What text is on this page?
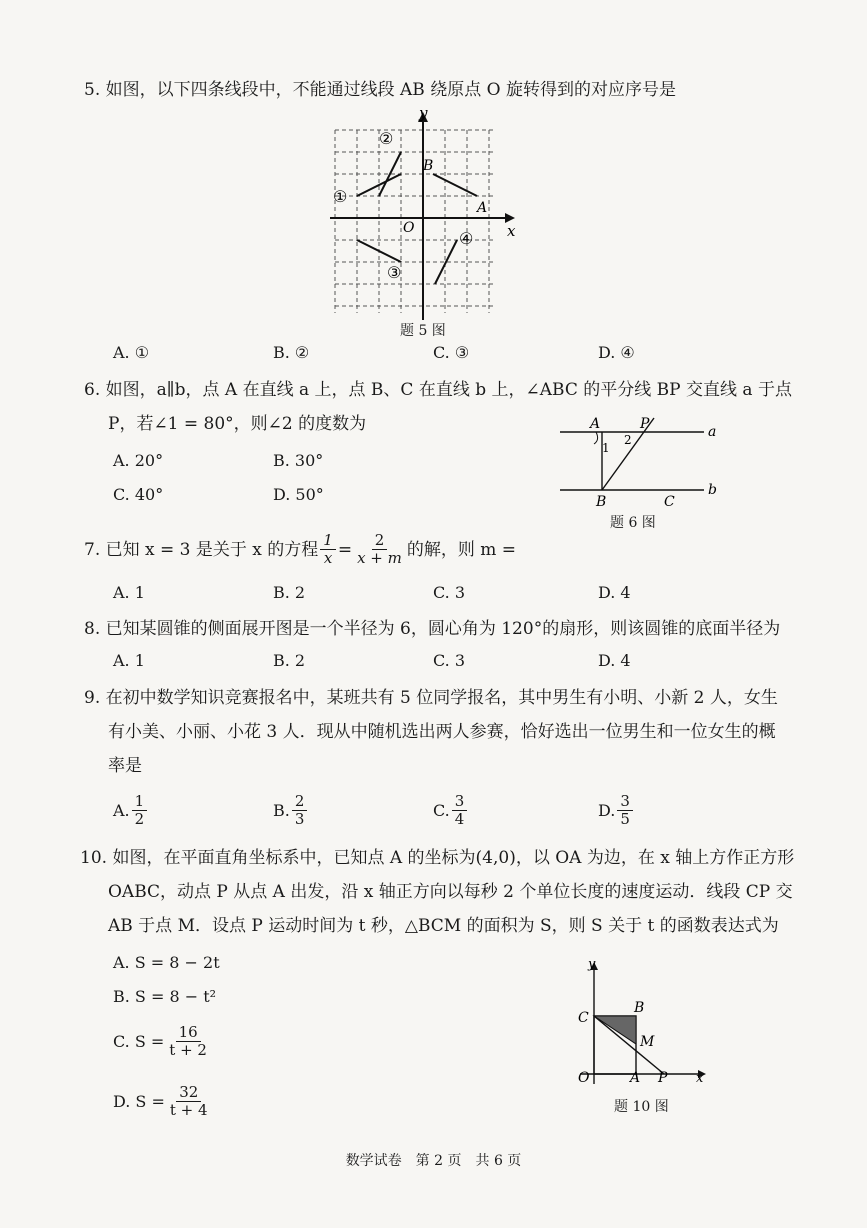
5. 如图，以下四条线段中，不能通过线段 AB 绕原点 O 旋转得到的对应序号是
y
x
O
A
B
①
②
③
④
题 5 图
A. ①	B. ②	C. ③	D. ④
6. 如图，a∥b，点 A 在直线 a 上，点 B、C 在直线 b 上，∠ABC 的平分线 BP 交直线 a 于点
P，若∠1 = 80°，则∠2 的度数为
A. 20°	B. 30°
C. 40°	D. 50°
A	P	a
b
B	C
1
2
题 6 图
7. 已知 x = 3 是关于 x 的方程 $\frac{1}{x} = \frac{2}{x + m}$ 的解，则 m =
A. 1	B. 2	C. 3	D. 4
8. 已知某圆锥的侧面展开图是一个半径为 6，圆心角为 120°的扇形，则该圆锥的底面半径为
A. 1	B. 2	C. 3	D. 4
9. 在初中数学知识竞赛报名中，某班共有 5 位同学报名，其中男生有小明、小新 2 人，女生
有小美、小丽、小花 3 人．现从中随机选出两人参赛，恰好选出一位男生和一位女生的概
率是
A. $\frac{1}{2}$	B. $\frac{2}{3}$	C. $\frac{3}{4}$	D. $\frac{3}{5}$
10. 如图，在平面直角坐标系中，已知点 A 的坐标为(4,0)，以 OA 为边，在 x 轴上方作正方形
OABC，动点 P 从点 A 出发，沿 x 轴正方向以每秒 2 个单位长度的速度运动．线段 CP 交
AB 于点 M．设点 P 运动时间为 t 秒，△BCM 的面积为 S，则 S 关于 t 的函数表达式为
A. S = 8 − 2t
B. S = 8 − t²
C. $S = \frac{16}{t + 2}$
D. $S = \frac{32}{t + 4}$
y
x
O	A P
B
C
M
题 10 图
数学试卷　第 2 页　共 6 页
